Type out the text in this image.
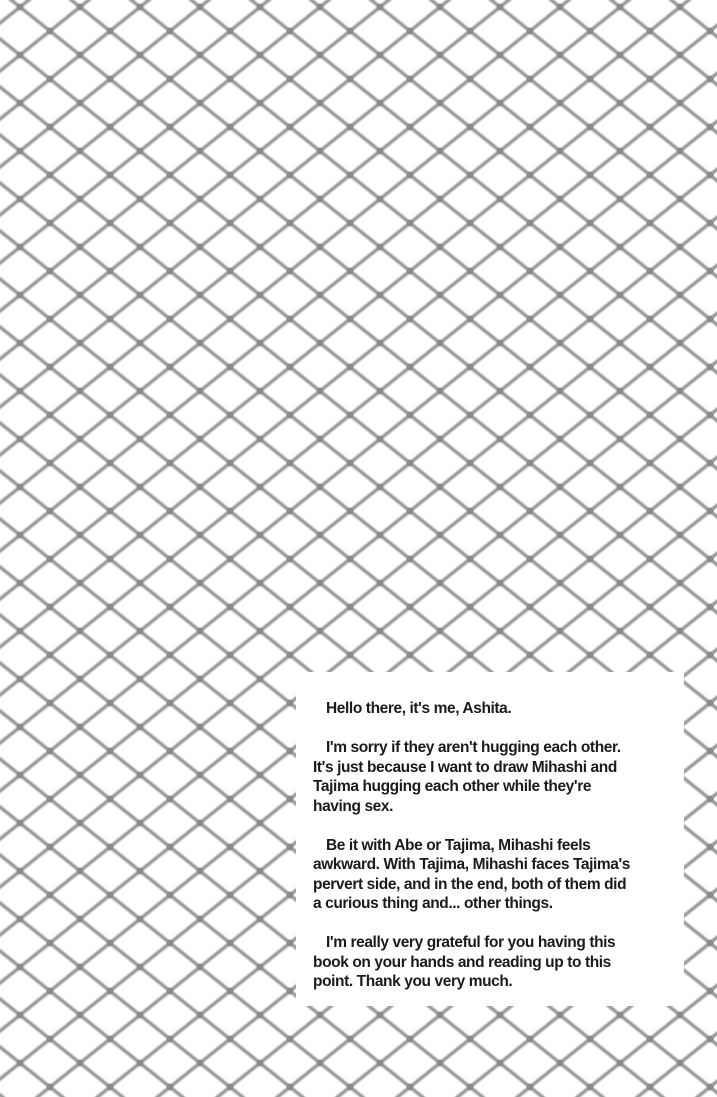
Hello there, it's me, Ashita.
I'm sorry if they aren't hugging each other.
It's just because I want to draw Mihashi and
Tajima hugging each other while they're
having sex.
Be it with Abe or Tajima, Mihashi feels
awkward. With Tajima, Mihashi faces Tajima's
pervert side, and in the end, both of them did
a curious thing and... other things.
I'm really very grateful for you having this
book on your hands and reading up to this
point. Thank you very much.
